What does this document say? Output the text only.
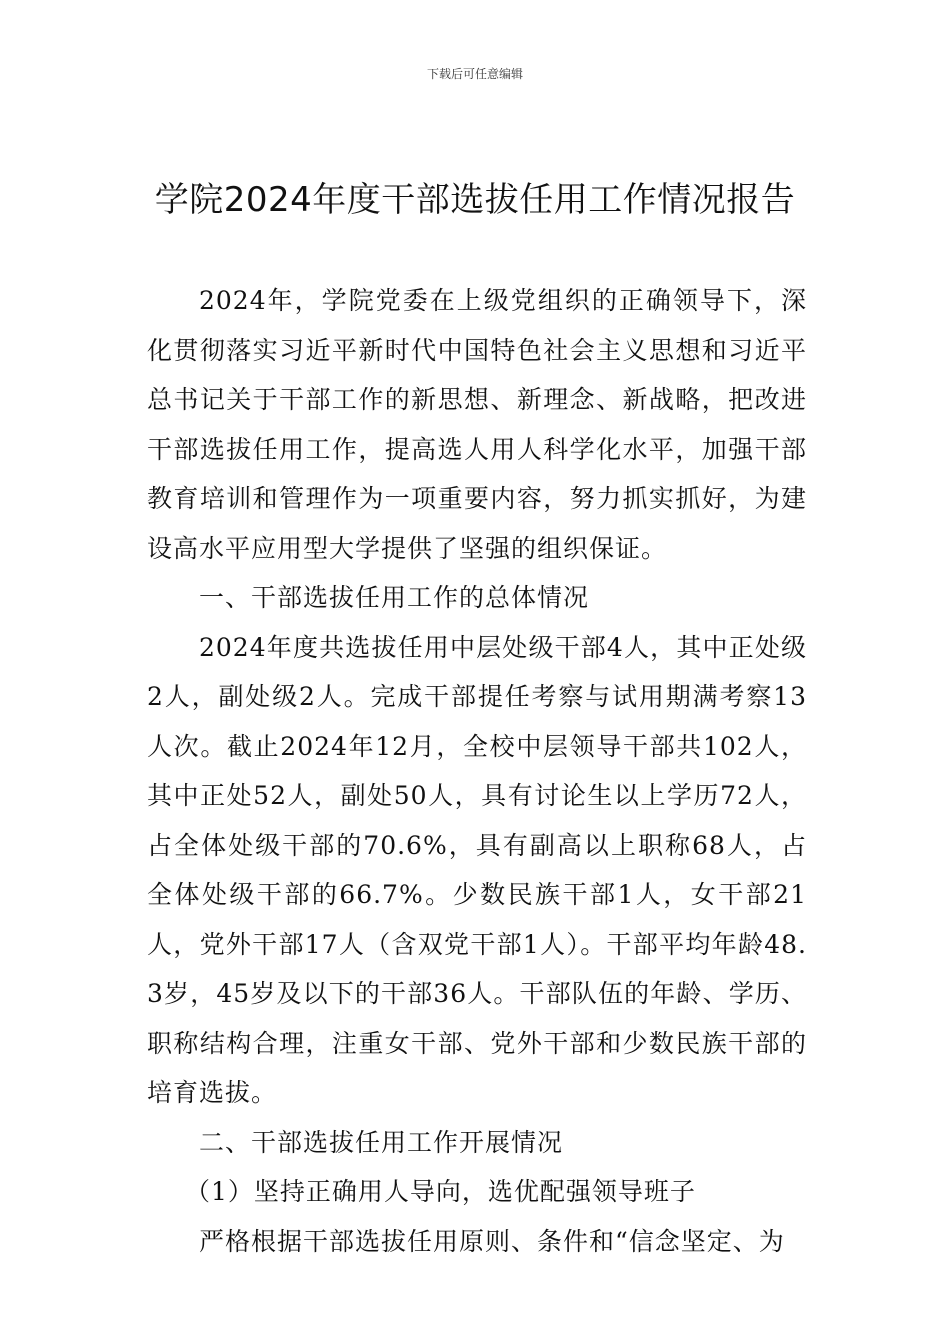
下载后可任意编辑
学院2024年度干部选拔任用工作情况报告

2024年，学院党委在上级党组织的正确领导下，深化贯彻落实习近平新时代中国特色社会主义思想和习近平总书记关于干部工作的新思想、新理念、新战略，把改进干部选拔任用工作，提高选人用人科学化水平，加强干部教育培训和管理作为一项重要内容，努力抓实抓好，为建设高水平应用型大学提供了坚强的组织保证。

一、干部选拔任用工作的总体情况

2024年度共选拔任用中层处级干部4人，其中正处级2人，副处级2人。完成干部提任考察与试用期满考察13人次。截止2024年12月，全校中层领导干部共102人，其中正处52人，副处50人，具有讨论生以上学历72人，占全体处级干部的70.6%，具有副高以上职称68人，占全体处级干部的66.7%。少数民族干部1人，女干部21人，党外干部17人（含双党干部1人）。干部平均年龄48.3岁，45岁及以下的干部36人。干部队伍的年龄、学历、职称结构合理，注重女干部、党外干部和少数民族干部的培育选拔。

二、干部选拔任用工作开展情况

（1）坚持正确用人导向，选优配强领导班子

严格根据干部选拔任用原则、条件和“信念坚定、为
